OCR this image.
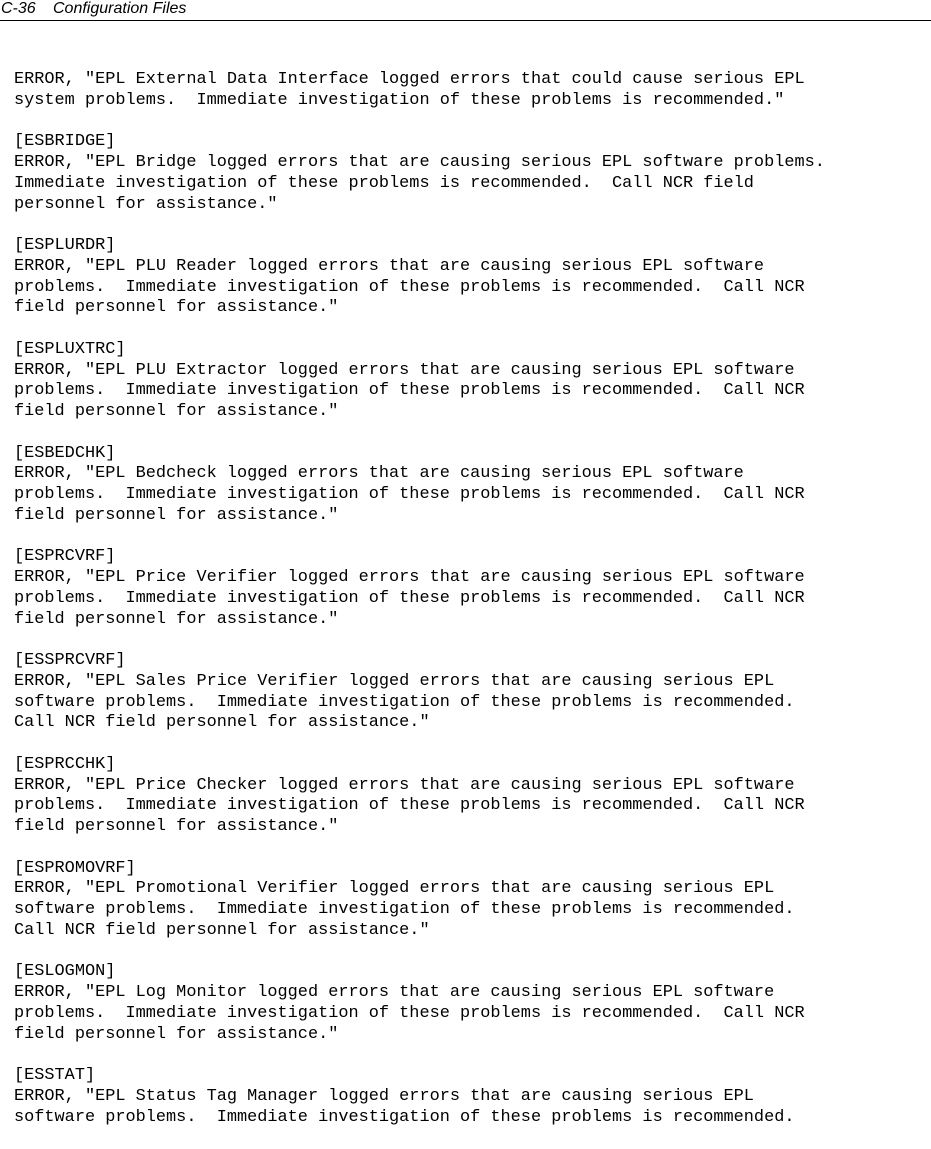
C-36 Configuration Files
ERROR, "EPL External Data Interface logged errors that could cause serious EPL
system problems.  Immediate investigation of these problems is recommended."
[ESBRIDGE]
ERROR, "EPL Bridge logged errors that are causing serious EPL software problems.
Immediate investigation of these problems is recommended.  Call NCR field
personnel for assistance."
[ESPLURDR]
ERROR, "EPL PLU Reader logged errors that are causing serious EPL software
problems.  Immediate investigation of these problems is recommended.  Call NCR
field personnel for assistance."
[ESPLUXTRC]
ERROR, "EPL PLU Extractor logged errors that are causing serious EPL software
problems.  Immediate investigation of these problems is recommended.  Call NCR
field personnel for assistance."
[ESBEDCHK]
ERROR, "EPL Bedcheck logged errors that are causing serious EPL software
problems.  Immediate investigation of these problems is recommended.  Call NCR
field personnel for assistance."
[ESPRCVRF]
ERROR, "EPL Price Verifier logged errors that are causing serious EPL software
problems.  Immediate investigation of these problems is recommended.  Call NCR
field personnel for assistance."
[ESSPRCVRF]
ERROR, "EPL Sales Price Verifier logged errors that are causing serious EPL
software problems.  Immediate investigation of these problems is recommended.
Call NCR field personnel for assistance."
[ESPRCCHK]
ERROR, "EPL Price Checker logged errors that are causing serious EPL software
problems.  Immediate investigation of these problems is recommended.  Call NCR
field personnel for assistance."
[ESPROMOVRF]
ERROR, "EPL Promotional Verifier logged errors that are causing serious EPL
software problems.  Immediate investigation of these problems is recommended.
Call NCR field personnel for assistance."
[ESLOGMON]
ERROR, "EPL Log Monitor logged errors that are causing serious EPL software
problems.  Immediate investigation of these problems is recommended.  Call NCR
field personnel for assistance."
[ESSTAT]
ERROR, "EPL Status Tag Manager logged errors that are causing serious EPL
software problems.  Immediate investigation of these problems is recommended.
